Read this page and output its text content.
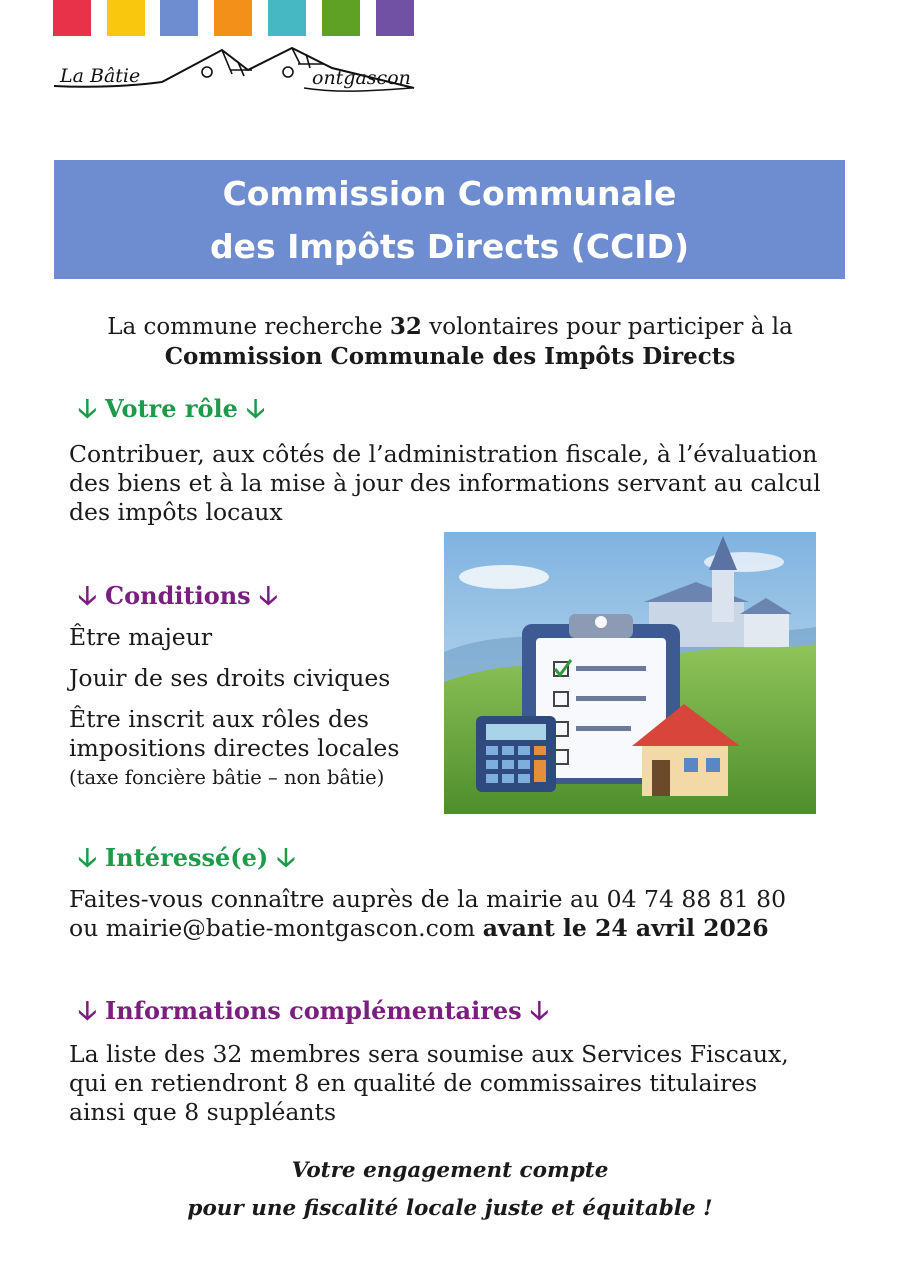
La Bâtie	ontgascon
Commission Communale
des Impôts Directs (CCID)
La commune recherche 32 volontaires pour participer à la
Commission Communale des Impôts Directs
🡣 Votre rôle 🡣
Contribuer, aux côtés de l’administration fiscale, à l’évaluation
des biens et à la mise à jour des informations servant au calcul
des impôts locaux
🡣 Conditions 🡣
Être majeur
Jouir de ses droits civiques
Être inscrit aux rôles des
impositions directes locales
(taxe foncière bâtie – non bâtie)
🡣 Intéressé(e) 🡣
Faites-vous connaître auprès de la mairie au 04 74 88 81 80
ou mairie@batie-montgascon.com avant le 24 avril 2026
🡣 Informations complémentaires 🡣
La liste des 32 membres sera soumise aux Services Fiscaux,
qui en retiendront 8 en qualité de commissaires titulaires
ainsi que 8 suppléants
Votre engagement compte
pour une fiscalité locale juste et équitable !
